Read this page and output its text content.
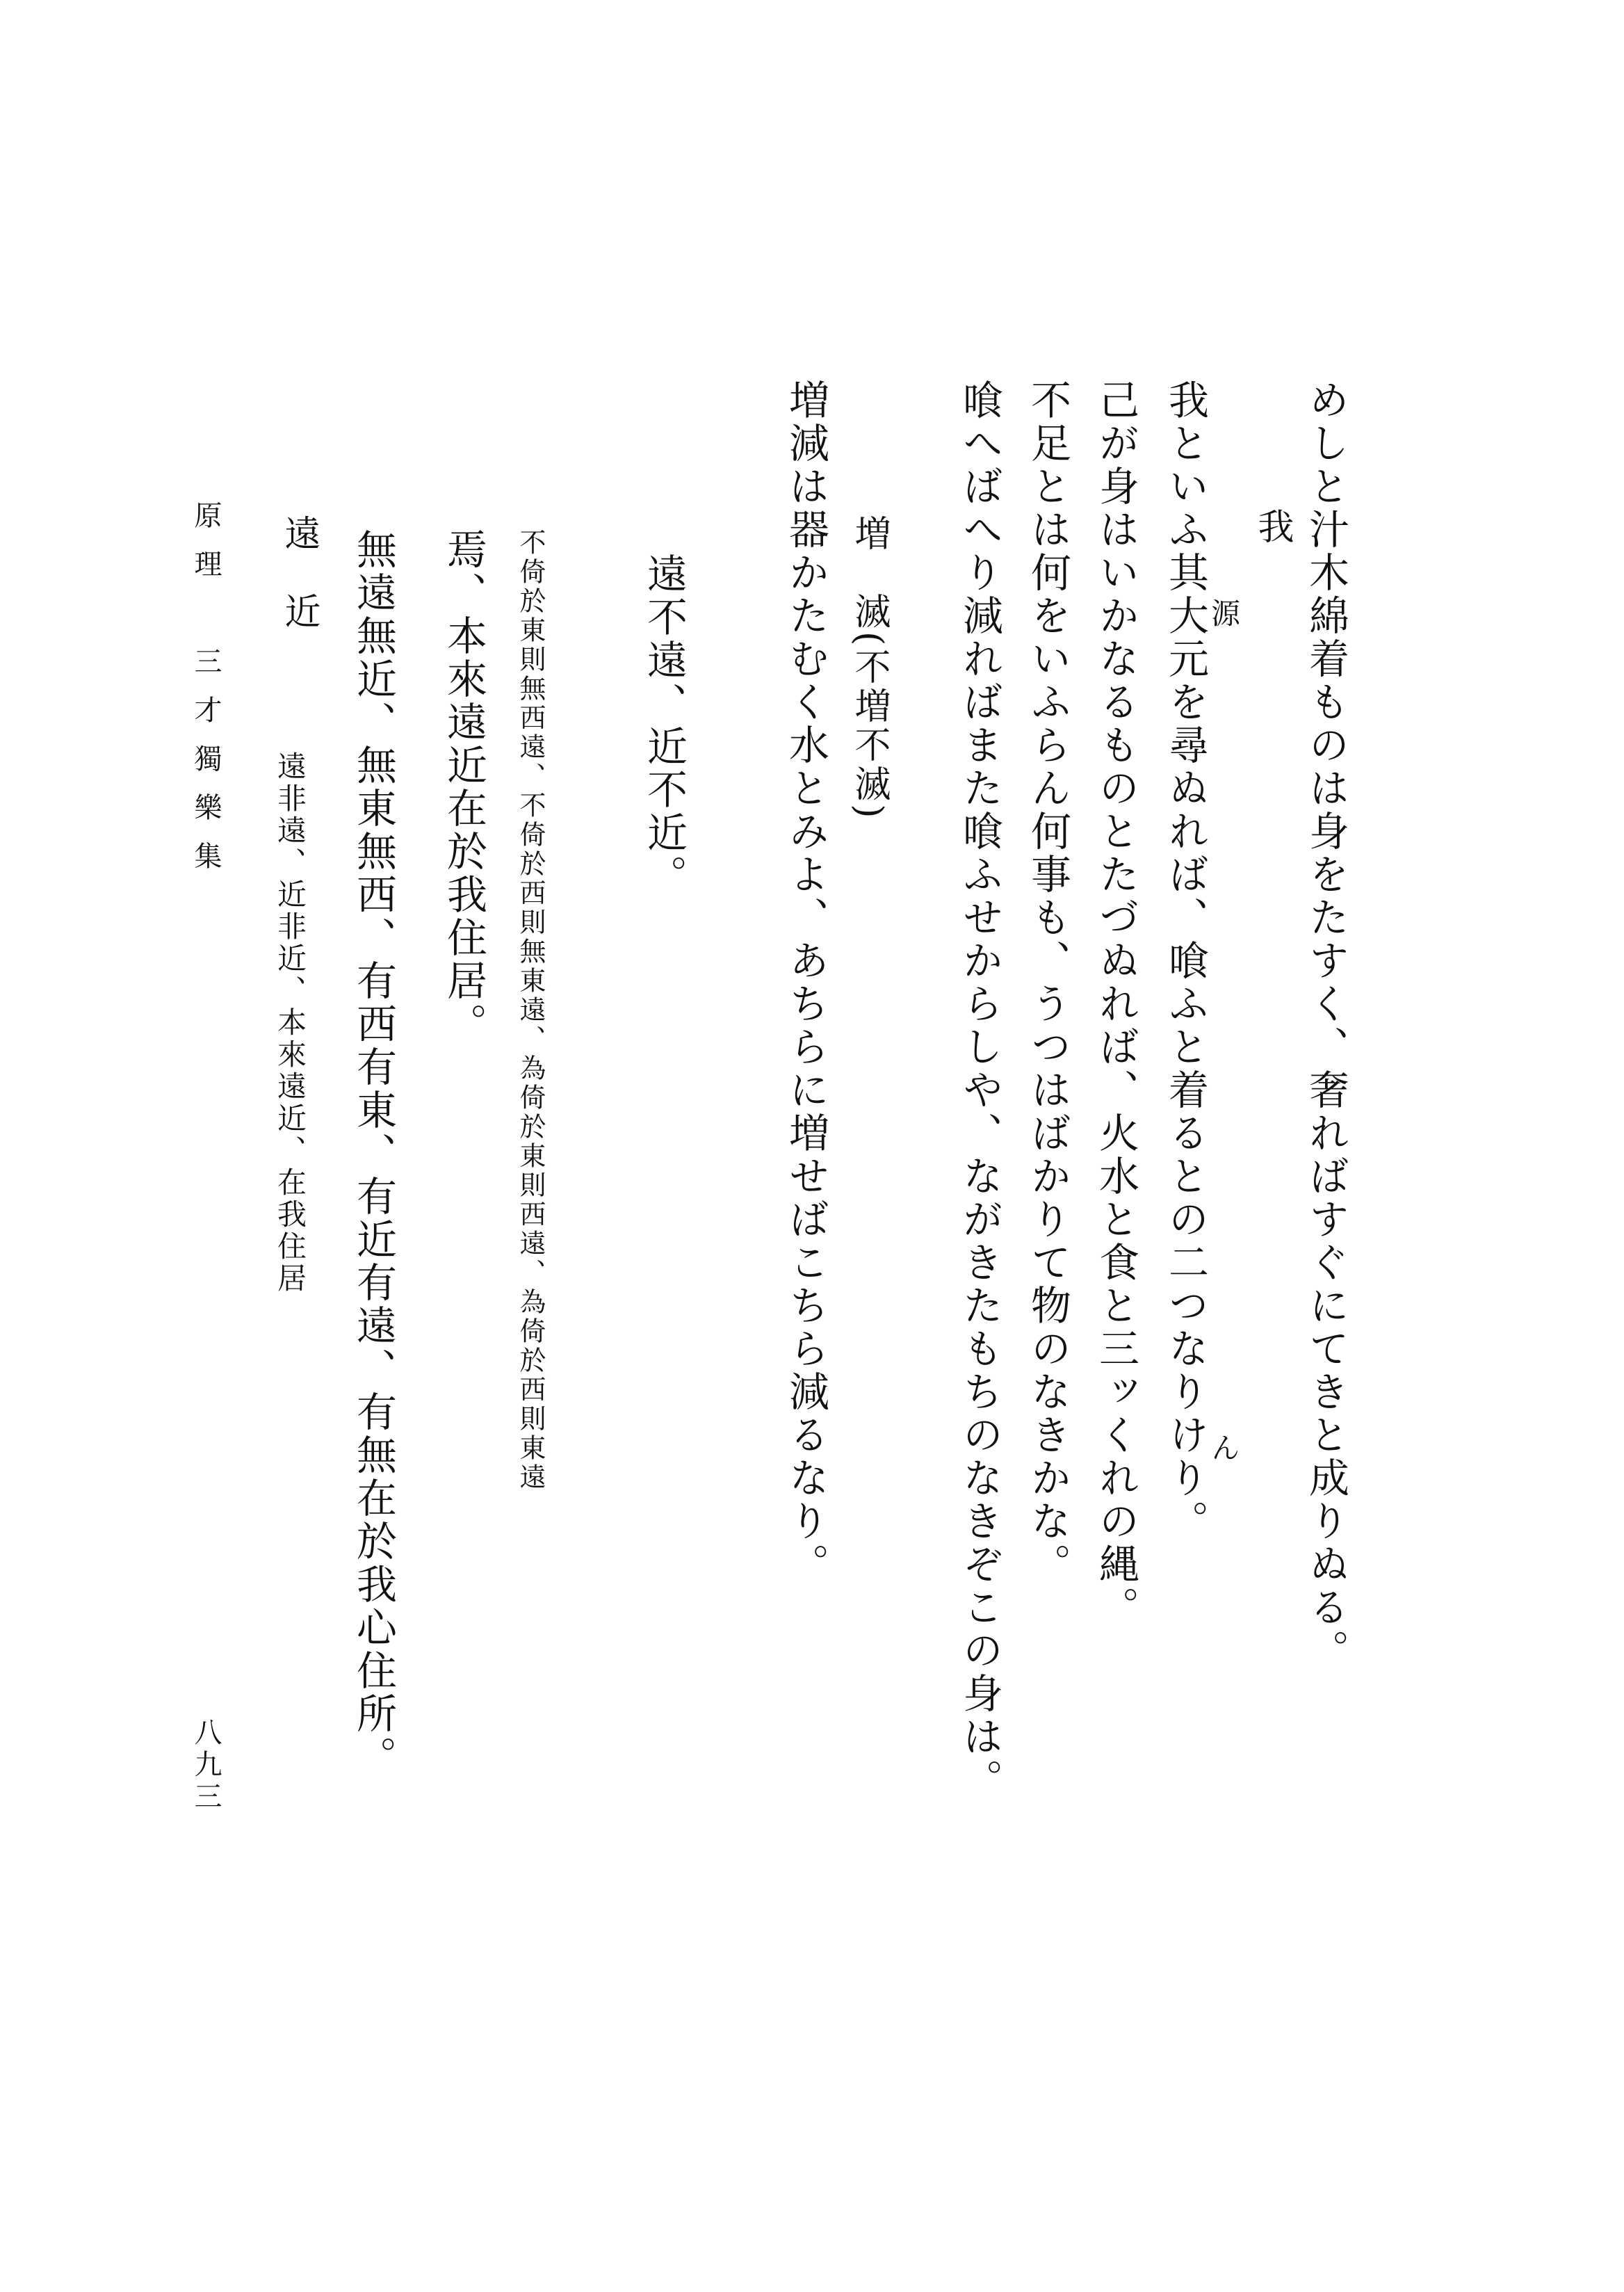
めしと汁木綿着ものは身をたすく、奢ればすぐにてきと成りぬる。
我
我といふ其大元を尋ぬれば、喰ふと着るとの二つなりけり。
源
ん
己が身はいかなるものとたづぬれば、火水と食と三ッくれの縄。
不足とは何をいふらん何事も、うつはばかりて物のなきかな。
喰へばへり減ればまた喰ふせからしや、ながきたもちのなきぞこの身は。
増　滅(不増不滅)
増減は器かたむく水とみよ、あちらに増せばこちら減るなり。
遠不遠、近不近。
不倚於東則無西遠、不倚於西則無東遠、為倚於東則西遠、為倚於西則東遠
焉、本來遠近在於我住居。
無遠無近、無東無西、有西有東、有近有遠、有無在於我心住所。
遠　近
遠非遠、近非近、本來遠近、在我住居
原理　三才獨樂集
八九三
